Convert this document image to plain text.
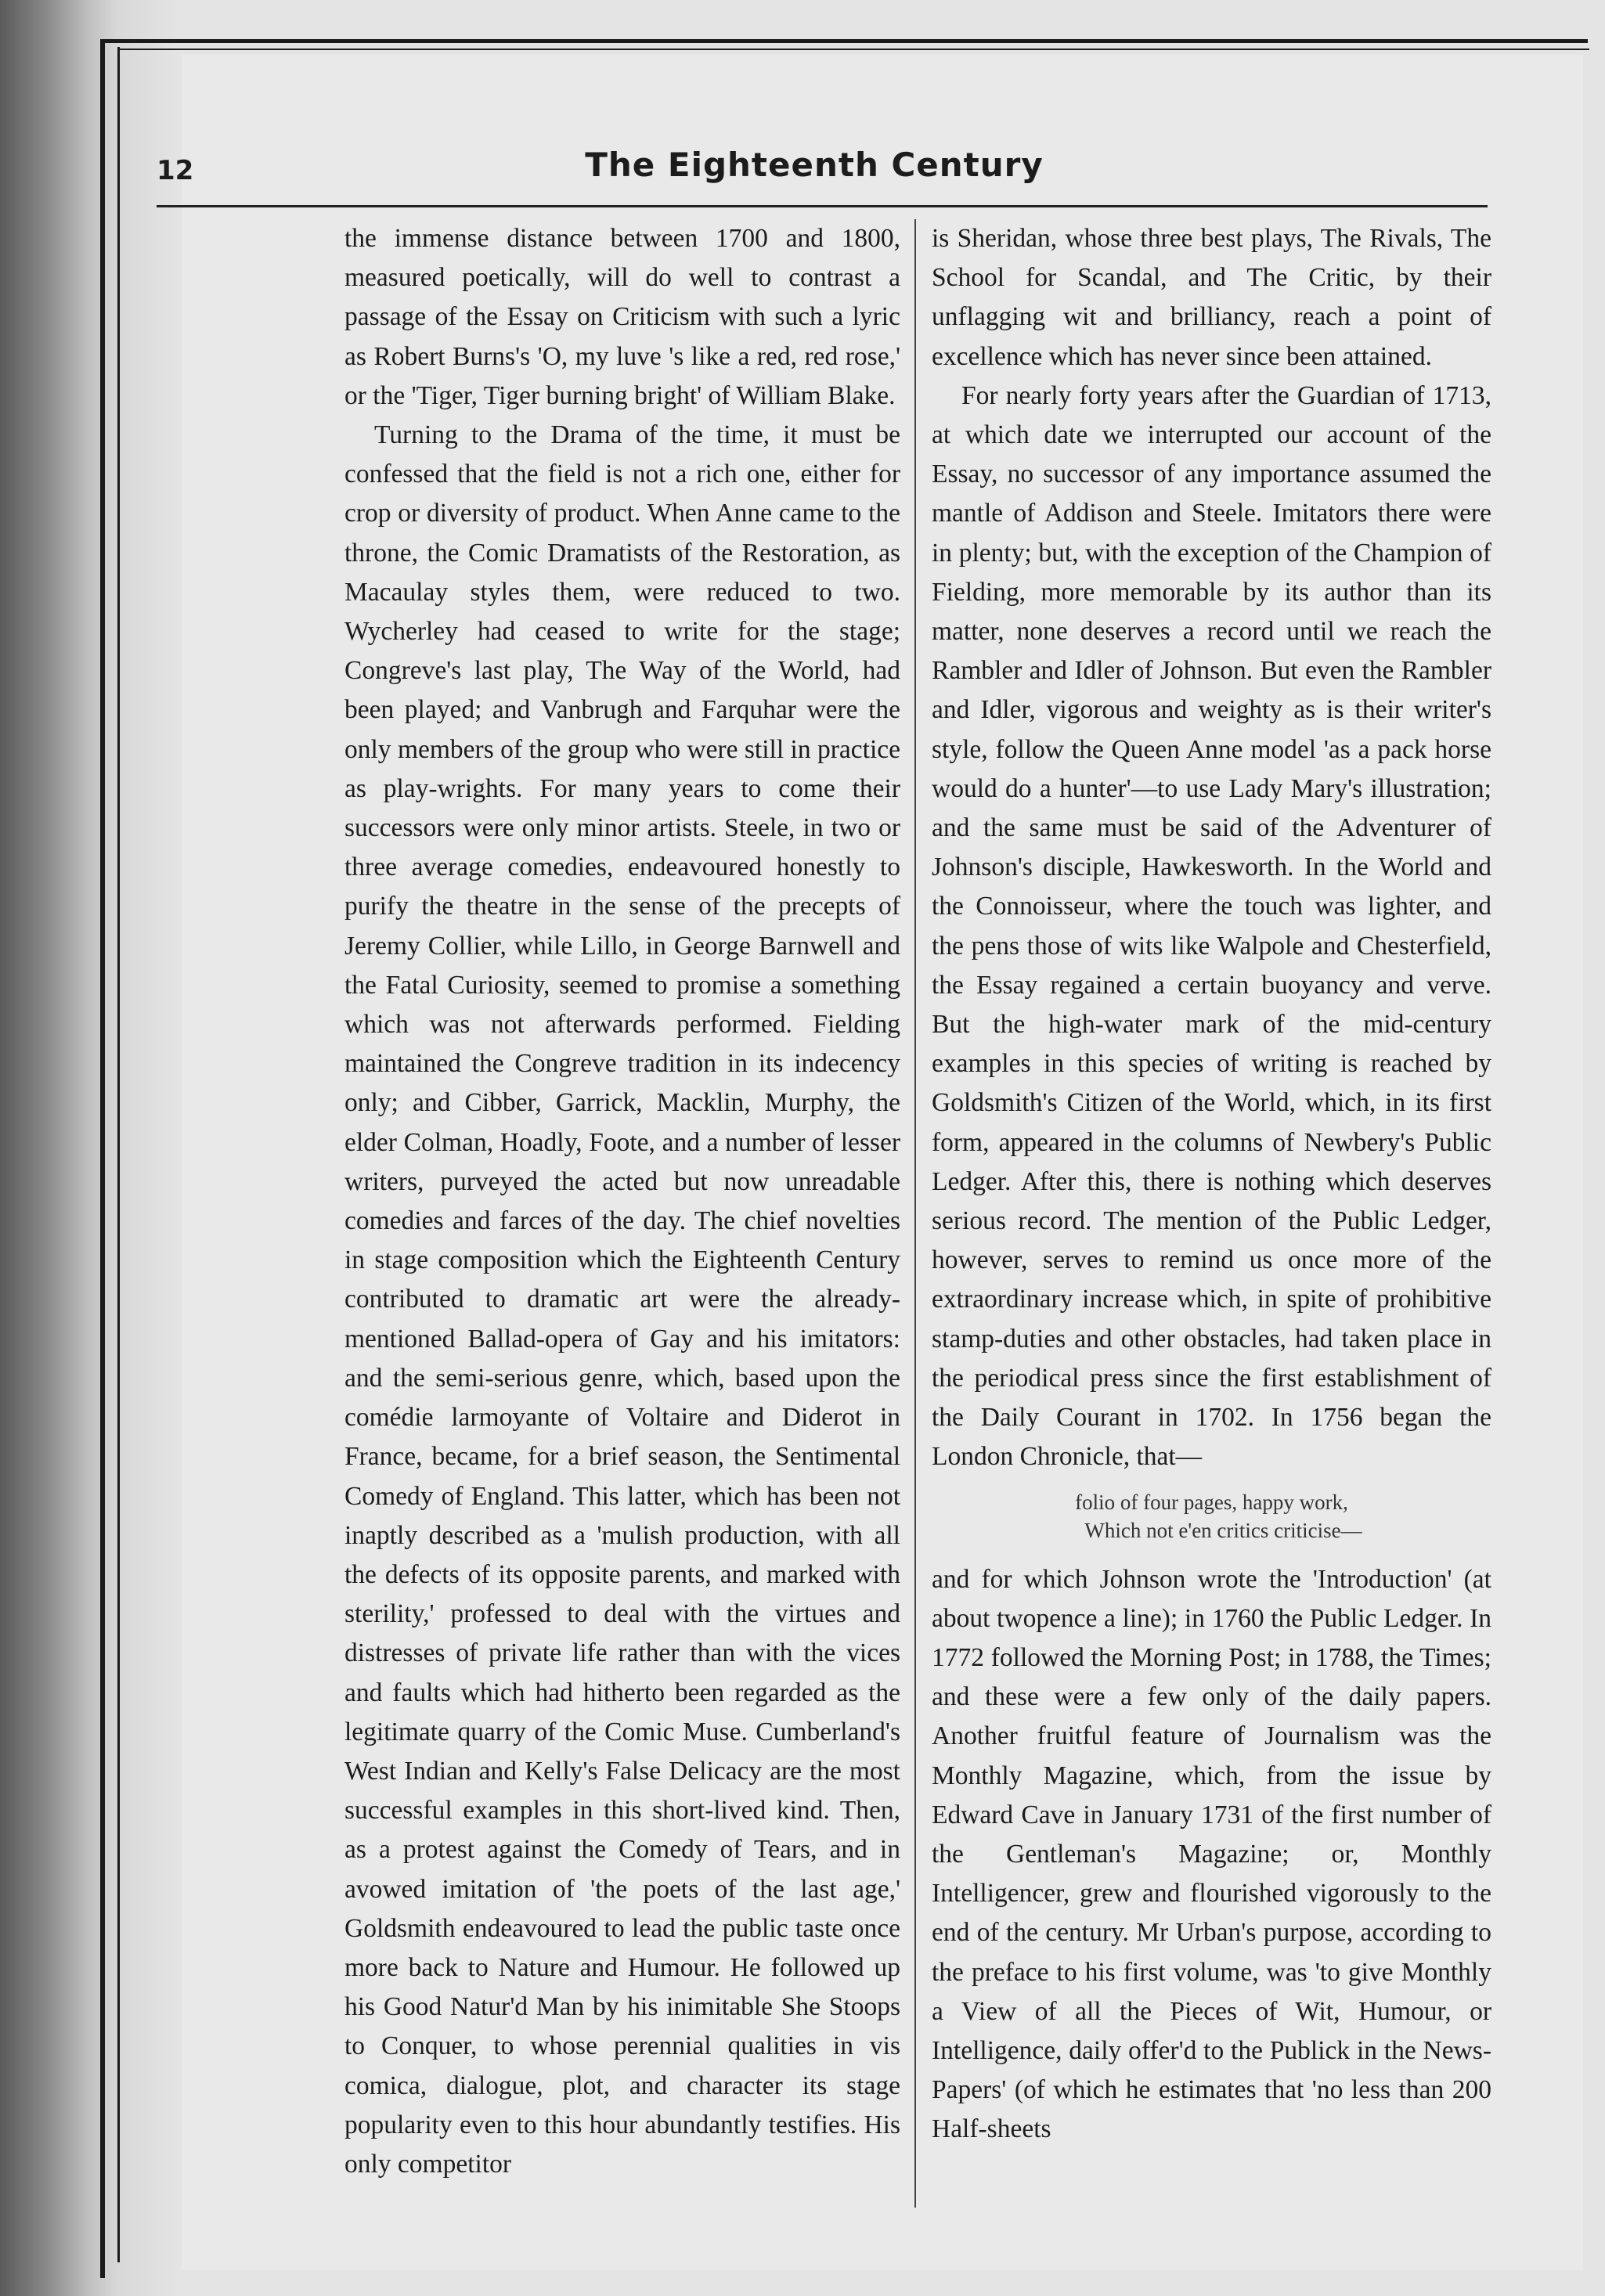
12	The Eighteenth Century

the immense distance between 1700 and 1800, measured poetically, will do well to contrast a passage of the Essay on Criticism with such a lyric as Robert Burns's 'O, my luve 's like a red, red rose,' or the 'Tiger, Tiger burning bright' of William Blake.

Turning to the Drama of the time, it must be confessed that the field is not a rich one, either for crop or diversity of product. When Anne came to the throne, the Comic Dramatists of the Restoration, as Macaulay styles them, were reduced to two. Wycherley had ceased to write for the stage; Congreve's last play, The Way of the World, had been played; and Vanbrugh and Farquhar were the only members of the group who were still in practice as play-wrights. For many years to come their successors were only minor artists. Steele, in two or three average comedies, endeavoured honestly to purify the theatre in the sense of the precepts of Jeremy Collier, while Lillo, in George Barnwell and the Fatal Curiosity, seemed to promise a something which was not afterwards performed. Fielding maintained the Congreve tradition in its indecency only; and Cibber, Garrick, Macklin, Murphy, the elder Colman, Hoadly, Foote, and a number of lesser writers, purveyed the acted but now unreadable comedies and farces of the day. The chief novelties in stage composition which the Eighteenth Century contributed to dramatic art were the already-mentioned Ballad-opera of Gay and his imitators: and the semi-serious genre, which, based upon the comédie larmoyante of Voltaire and Diderot in France, became, for a brief season, the Sentimental Comedy of England. This latter, which has been not inaptly described as a 'mulish production, with all the defects of its opposite parents, and marked with sterility,' professed to deal with the virtues and distresses of private life rather than with the vices and faults which had hitherto been regarded as the legitimate quarry of the Comic Muse. Cumberland's West Indian and Kelly's False Delicacy are the most successful examples in this short-lived kind. Then, as a protest against the Comedy of Tears, and in avowed imitation of 'the poets of the last age,' Goldsmith endeavoured to lead the public taste once more back to Nature and Humour. He followed up his Good Natur'd Man by his inimitable She Stoops to Conquer, to whose perennial qualities in vis comica, dialogue, plot, and character its stage popularity even to this hour abundantly testifies. His only competitor

is Sheridan, whose three best plays, The Rivals, The School for Scandal, and The Critic, by their unflagging wit and brilliancy, reach a point of excellence which has never since been attained.

For nearly forty years after the Guardian of 1713, at which date we interrupted our account of the Essay, no successor of any importance assumed the mantle of Addison and Steele. Imitators there were in plenty; but, with the exception of the Champion of Fielding, more memorable by its author than its matter, none deserves a record until we reach the Rambler and Idler of Johnson. But even the Rambler and Idler, vigorous and weighty as is their writer's style, follow the Queen Anne model 'as a pack horse would do a hunter'—to use Lady Mary's illustration; and the same must be said of the Adventurer of Johnson's disciple, Hawkesworth. In the World and the Connoisseur, where the touch was lighter, and the pens those of wits like Walpole and Chesterfield, the Essay regained a certain buoyancy and verve. But the high-water mark of the mid-century examples in this species of writing is reached by Goldsmith's Citizen of the World, which, in its first form, appeared in the columns of Newbery's Public Ledger. After this, there is nothing which deserves serious record. The mention of the Public Ledger, however, serves to remind us once more of the extraordinary increase which, in spite of prohibitive stamp-duties and other obstacles, had taken place in the periodical press since the first establishment of the Daily Courant in 1702. In 1756 began the London Chronicle, that—

folio of four pages, happy work,
Which not e'en critics criticise—

and for which Johnson wrote the 'Introduction' (at about twopence a line); in 1760 the Public Ledger. In 1772 followed the Morning Post; in 1788, the Times; and these were a few only of the daily papers. Another fruitful feature of Journalism was the Monthly Magazine, which, from the issue by Edward Cave in January 1731 of the first number of the Gentleman's Magazine; or, Monthly Intelligencer, grew and flourished vigorously to the end of the century. Mr Urban's purpose, according to the preface to his first volume, was 'to give Monthly a View of all the Pieces of Wit, Humour, or Intelligence, daily offer'd to the Publick in the News-Papers' (of which he estimates that 'no less than 200 Half-sheets
